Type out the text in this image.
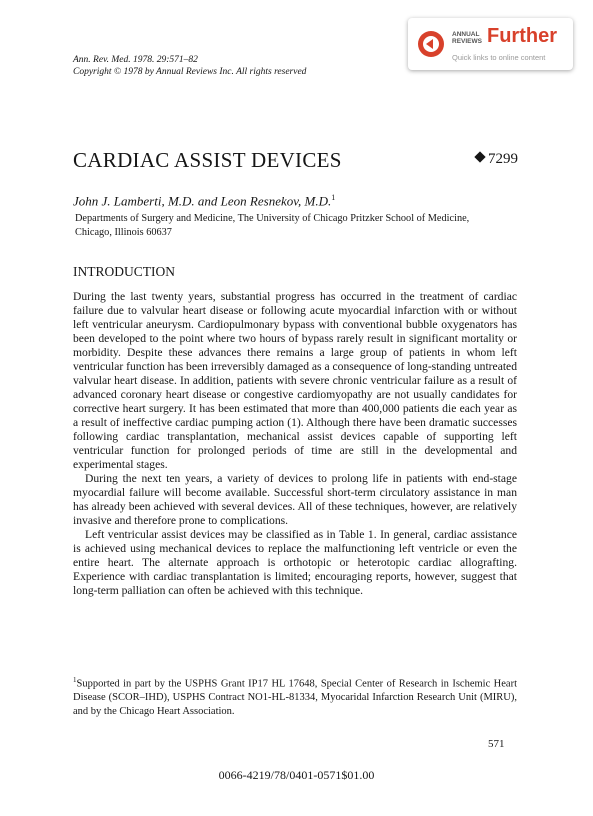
Ann. Rev. Med. 1978. 29:571–82
Copyright © 1978 by Annual Reviews Inc. All rights reserved
ANNUAL
REVIEWS Further
Quick links to online content
CARDIAC ASSIST DEVICES	7299
John J. Lamberti, M.D. and Leon Resnekov, M.D.$^1$
Departments of Surgery and Medicine, The University of Chicago Pritzker School of Medicine, Chicago, Illinois 60637
INTRODUCTION

During the last twenty years, substantial progress has occurred in the treatment of cardiac failure due to valvular heart disease or following acute myocardial infarction with or without left ventricular aneurysm. Cardiopulmonary bypass with conventional bubble oxygenators has been developed to the point where two hours of bypass rarely result in significant mortality or morbidity. Despite these advances there remains a large group of patients in whom left ventricular function has been irreversibly damaged as a consequence of long-standing untreated valvular heart disease. In addition, patients with severe chronic ventricular failure as a result of advanced coronary heart disease or congestive cardiomyopathy are not usually candidates for corrective heart surgery. It has been estimated that more than 400,000 patients die each year as a result of ineffective cardiac pumping action (1). Although there have been dramatic successes following cardiac transplantation, mechanical assist devices capable of supporting left ventricular function for prolonged periods of time are still in the developmental and experimental stages.

During the next ten years, a variety of devices to prolong life in patients with end-stage myocardial failure will become available. Successful short-term circulatory assistance in man has already been achieved with several devices. All of these techniques, however, are relatively invasive and therefore prone to complications.

Left ventricular assist devices may be classified as in Table 1. In general, cardiac assistance is achieved using mechanical devices to replace the malfunctioning left ventricle or even the entire heart. The alternate approach is orthotopic or heterotopic cardiac allografting. Experience with cardiac transplantation is limited; encouraging reports, however, suggest that long-term palliation can often be achieved with this technique.

$^1$Supported in part by the USPHS Grant IP17 HL 17648, Special Center of Research in Ischemic Heart Disease (SCOR–IHD), USPHS Contract NO1-HL-81334, Myocaridal Infarction Research Unit (MIRU), and by the Chicago Heart Association.
571
0066-4219/78/0401-0571$01.00
